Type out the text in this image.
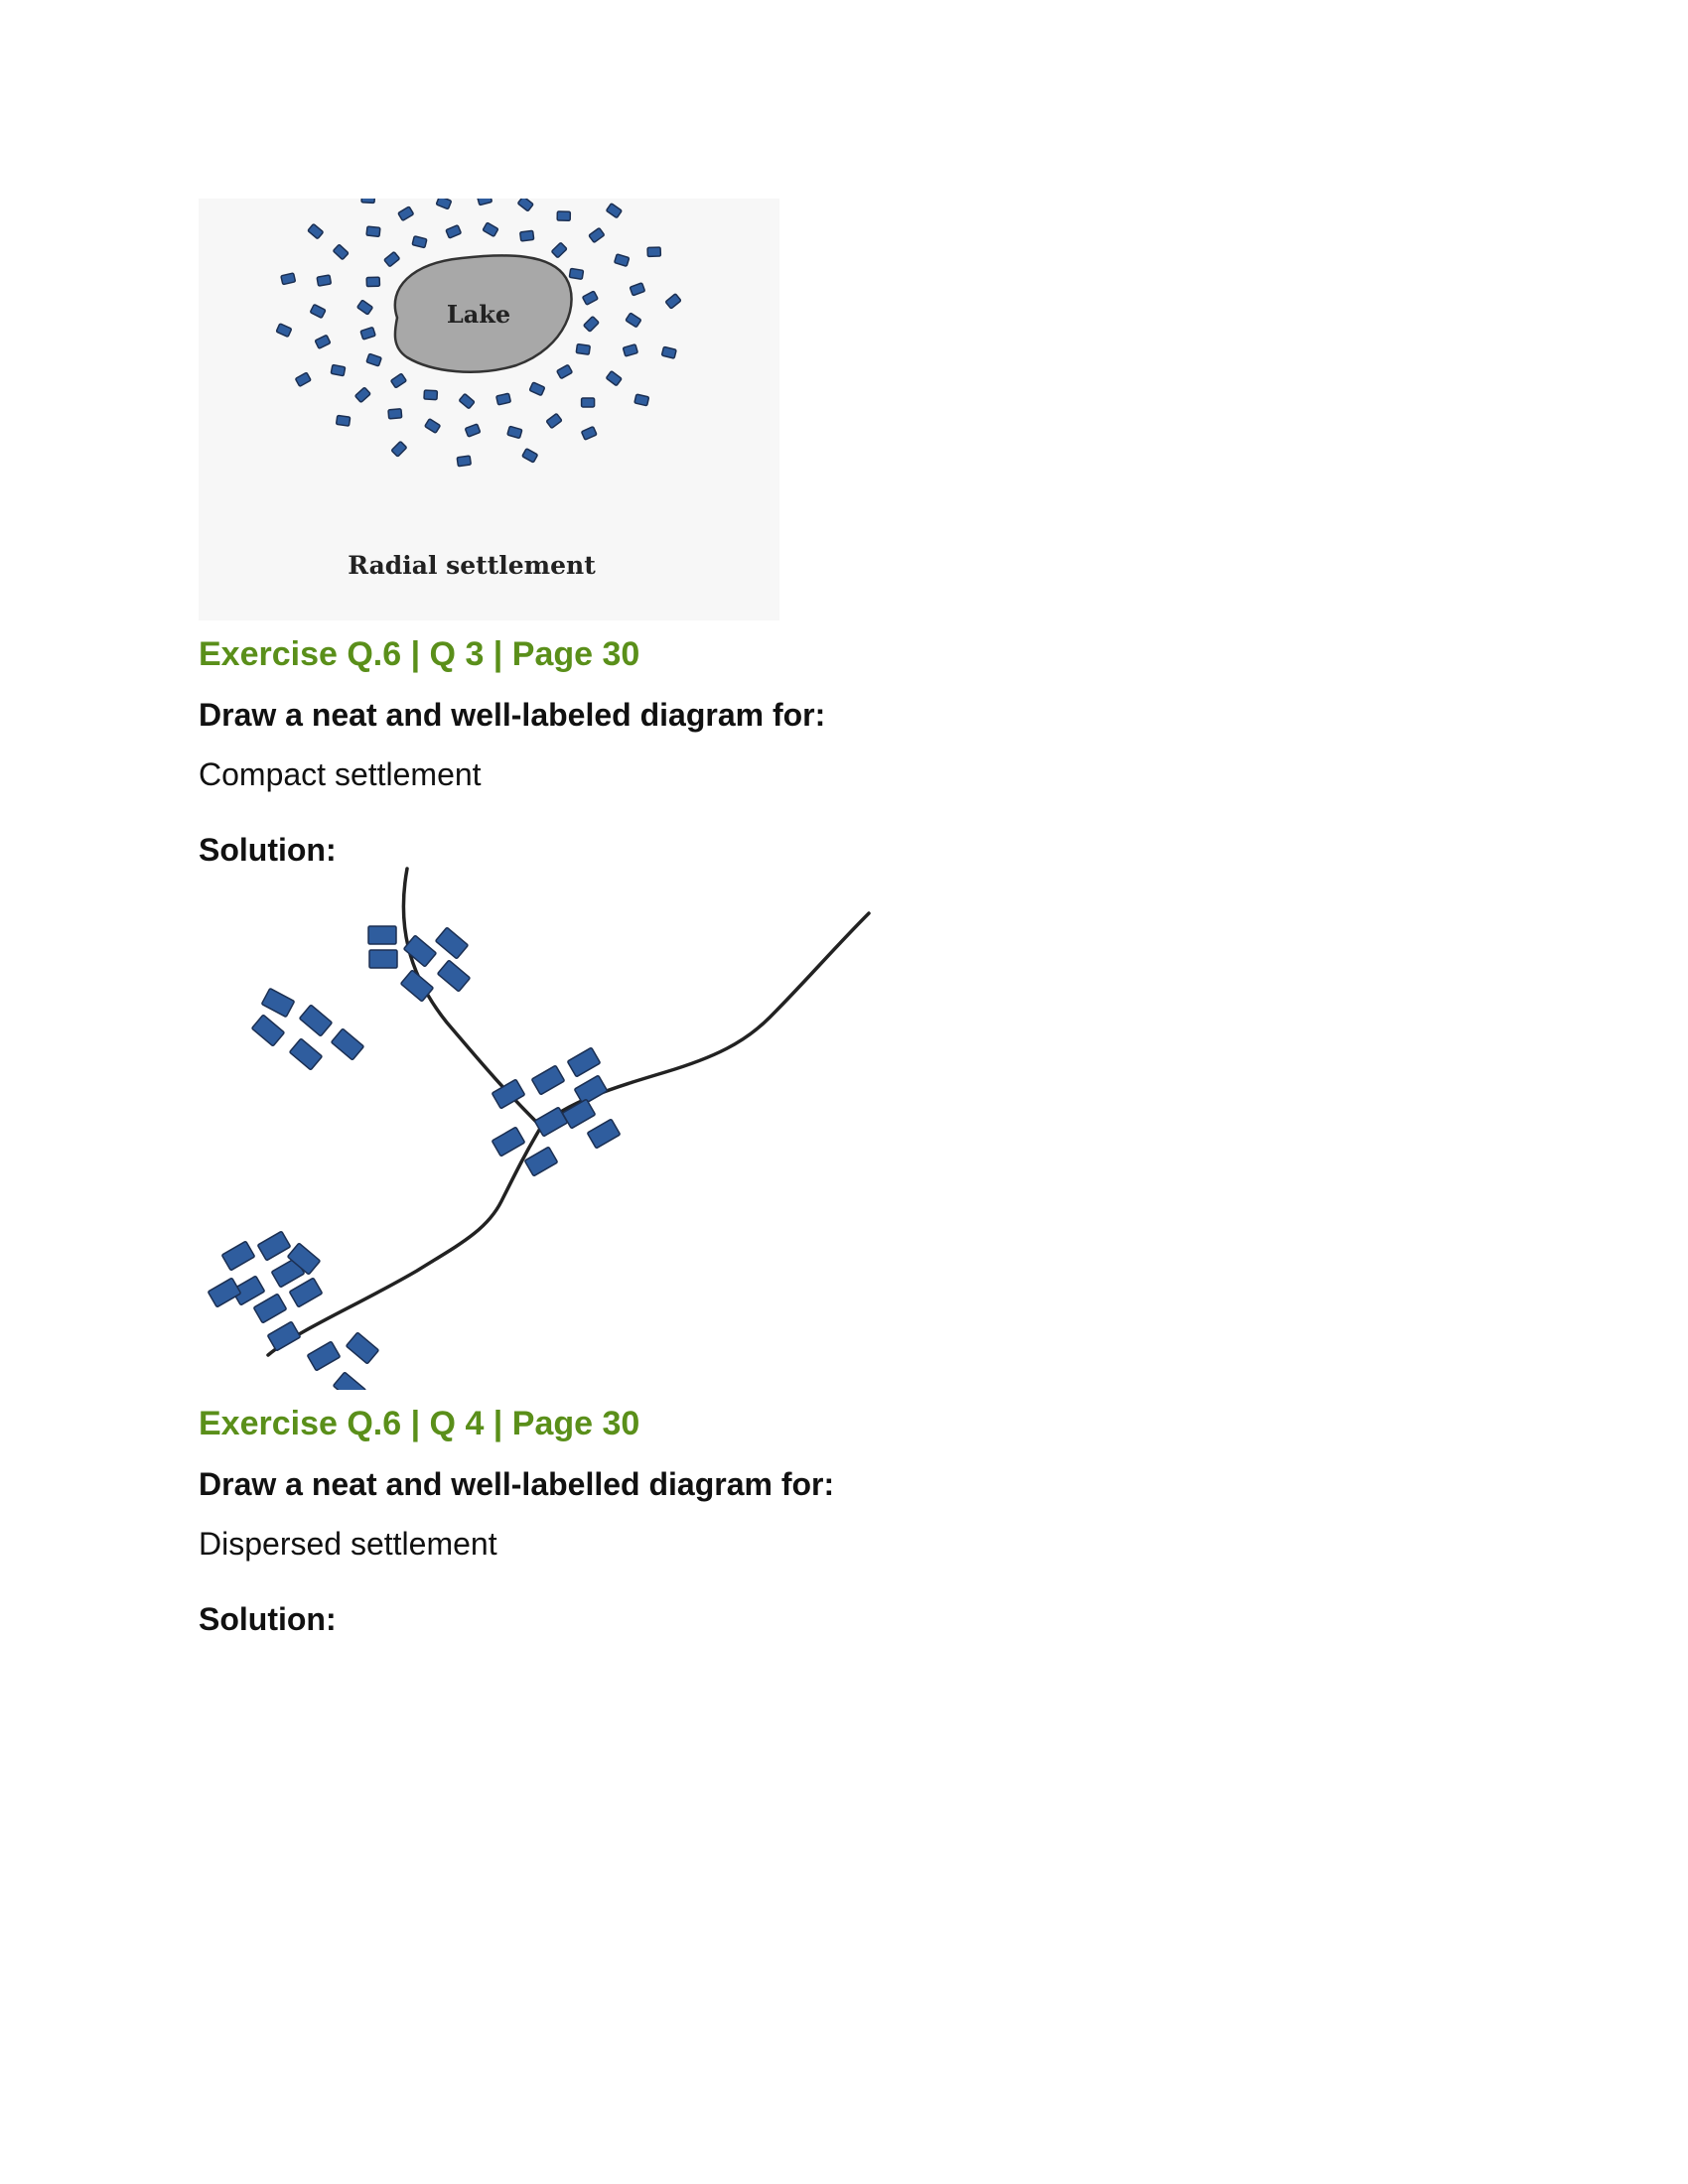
Lake
Radial settlement
Exercise Q.6 | Q 3 | Page 30

Draw a neat and well-labeled diagram for:

Compact settlement

Solution:

Exercise Q.6 | Q 4 | Page 30

Draw a neat and well-labelled diagram for:

Dispersed settlement

Solution:
